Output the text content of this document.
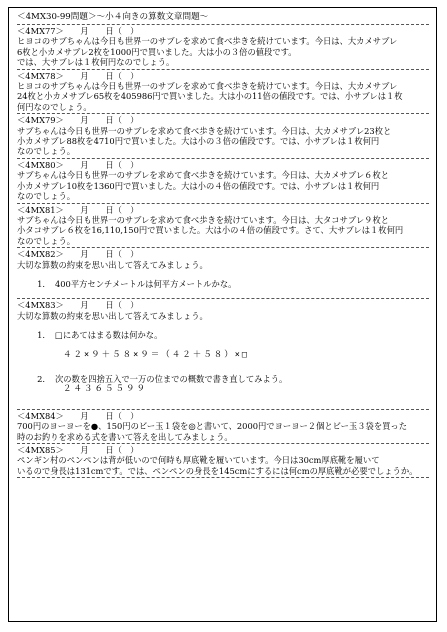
＜4MX30-99問題＞～小４向きの算数文章問題～
＜4MX77＞　　月　　日（　）
ヒヨコのサブちゃんは今日も世界一のサブレを求めて食べ歩きを続けています。今日は、大カメサブレ
6枚と小カメサブレ2枚を1000円で買いました。大は小の３倍の値段です。
では、大サブレは１枚何円なのでしょう。
＜4MX78＞　　月　　日（　）
ヒヨコのサブちゃんは今日も世界一のサブレを求めて食べ歩きを続けています。今日は、大カメサブレ
24枚と小カメサブレ65枚を405986円で買いました。大は小の11倍の値段です。では、小サブレは１枚
何円なのでしょう。
＜4MX79＞　　月　　日（　）
サブちゃんは今日も世界一のサブレを求めて食べ歩きを続けています。今日は、大カメサブレ23枚と
小カメサブレ88枚を4710円で買いました。大は小の３倍の値段です。では、小サブレは１枚何円
なのでしょう。
＜4MX80＞　　月　　日（　）
サブちゃんは今日も世界一のサブレを求めて食べ歩きを続けています。今日は、大カメサブレ６枚と
小カメサブレ10枚を1360円で買いました。大は小の４倍の値段です。では、小サブレは１枚何円
なのでしょう。
＜4MX81＞　　月　　日（　）
サブちゃんは今日も世界一のサブレを求めて食べ歩きを続けています。今日は、大タコサブレ９枚と
小タコサブレ６枚を16,110,150円で買いました。大は小の４倍の値段です。さて、大サブレは１枚何円
なのでしょう。
＜4MX82＞　　月　　日（　）
大切な算数の約束を思い出して答えてみましょう。
1. 400平方センチメートルは何平方メートルかな。
＜4MX83＞　　月　　日（　）
大切な算数の約束を思い出して答えてみましょう。
1. □にあてはまる数は何かな。
４２×９＋５８×９＝（４２＋５８）×□
2. 次の数を四捨五入で一万の位までの概数で書き直してみよう。
２４３６５５９９
＜4MX84＞　　月　　日（　）
700円のヨーヨーを●、150円のビー玉１袋を◎と書いて、2000円でヨーヨー２個とビー玉３袋を買った
時のお釣りを求める式を書いて答えを出してみましょう。
＜4MX85＞　　月　　日（　）
ペンギン村のペンペンは背が低いので何時も厚底靴を履いています。今日は30cm厚底靴を履いて
いるので身長は131cmです。では、ペンペンの身長を145cmにするには何cmの厚底靴が必要でしょうか。
